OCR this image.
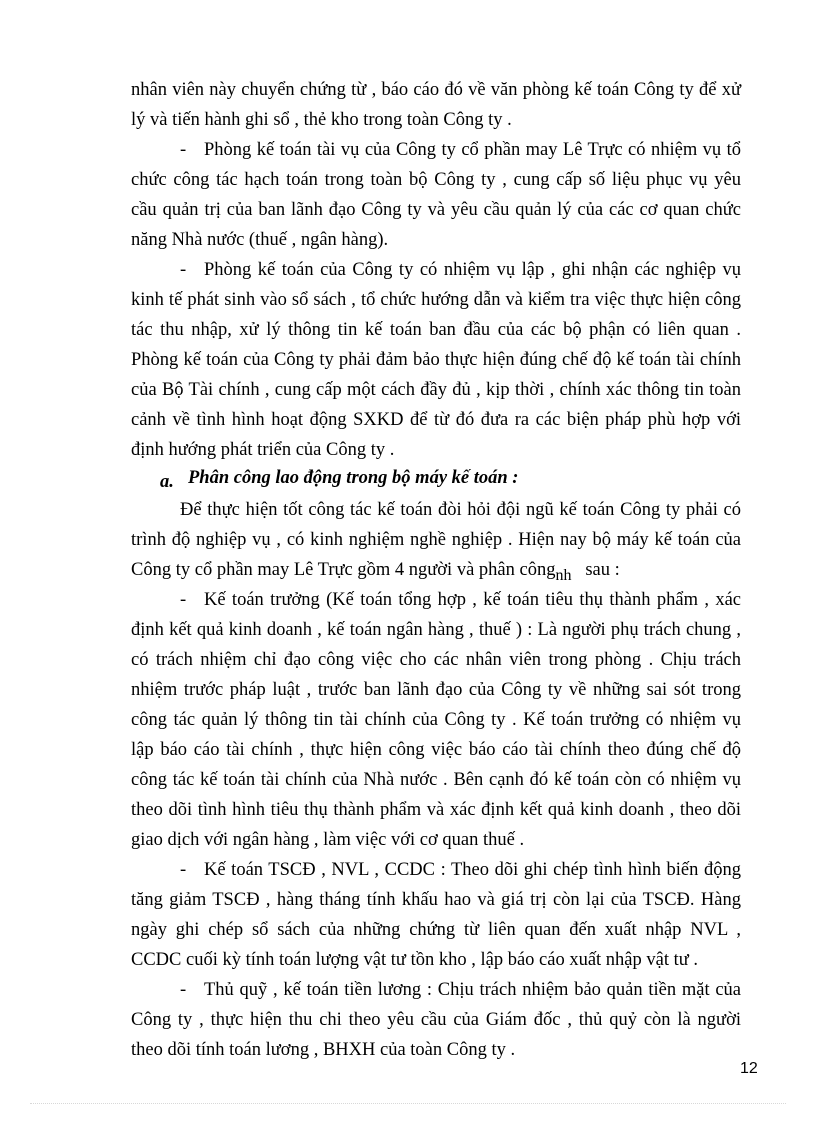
nhân viên này chuyển chứng từ , báo cáo đó về văn phòng kế toán Công ty để xử
lý và tiến hành ghi sổ , thẻ kho trong toàn Công ty .
- Phòng kế toán tài vụ của Công ty cổ phần may Lê Trực có nhiệm vụ tổ
chức công tác hạch toán trong toàn bộ Công ty , cung cấp số liệu phục vụ yêu
cầu quản trị của ban lãnh đạo Công ty và yêu cầu quản lý của các cơ quan chức
năng Nhà nước (thuế , ngân hàng).
- Phòng kế toán của Công ty có nhiệm vụ lập , ghi nhận các nghiệp vụ
kinh tế phát sinh vào sổ sách , tổ chức hướng dẫn và kiểm tra việc thực hiện công
tác thu nhập, xử lý thông tin kế toán ban đầu của các bộ phận có liên quan .
Phòng kế toán của Công ty phải đảm bảo thực hiện đúng chế độ kế toán tài chính
của Bộ Tài chính , cung cấp một cách đầy đủ , kịp thời , chính xác thông tin toàn
cảnh về tình hình hoạt động SXKD để từ đó đưa ra các biện pháp phù hợp với
định hướng phát triển của Công ty .
a. Phân công lao động trong bộ máy kế toán :
Để thực hiện tốt công tác kế toán đòi hỏi đội ngũ kế toán Công ty phải có
trình độ nghiệp vụ , có kinh nghiệm nghề nghiệp . Hiện nay bộ máy kế toán của
Công ty cổ phần may Lê Trực gồm 4 người và phân côngnh sau :
- Kế toán trưởng (Kế toán tổng hợp , kế toán tiêu thụ thành phẩm , xác
định kết quả kinh doanh , kế toán ngân hàng , thuế ) : Là người phụ trách chung ,
có trách nhiệm chỉ đạo công việc cho các nhân viên trong phòng . Chịu trách
nhiệm trước pháp luật , trước ban lãnh đạo của Công ty về những sai sót trong
công tác quản lý thông tin tài chính của Công ty . Kế toán trưởng có nhiệm vụ
lập báo cáo tài chính , thực hiện công việc báo cáo tài chính theo đúng chế độ
công tác kế toán tài chính của Nhà nước . Bên cạnh đó kế toán còn có nhiệm vụ
theo dõi tình hình tiêu thụ thành phẩm và xác định kết quả kinh doanh , theo dõi
giao dịch với ngân hàng , làm việc với cơ quan thuế .
- Kế toán TSCĐ , NVL , CCDC : Theo dõi ghi chép tình hình biến động
tăng giảm TSCĐ , hàng tháng tính khấu hao và giá trị còn lại của TSCĐ. Hàng
ngày ghi chép sổ sách của những chứng từ liên quan đến xuất nhập NVL ,
CCDC cuối kỳ tính toán lượng vật tư tồn kho , lập báo cáo xuất nhập vật tư .
- Thủ quỹ , kế toán tiền lương : Chịu trách nhiệm bảo quản tiền mặt của
Công ty , thực hiện thu chi theo yêu cầu của Giám đốc , thủ quỷ còn là người
theo dõi tính toán lương , BHXH của toàn Công ty .
12
